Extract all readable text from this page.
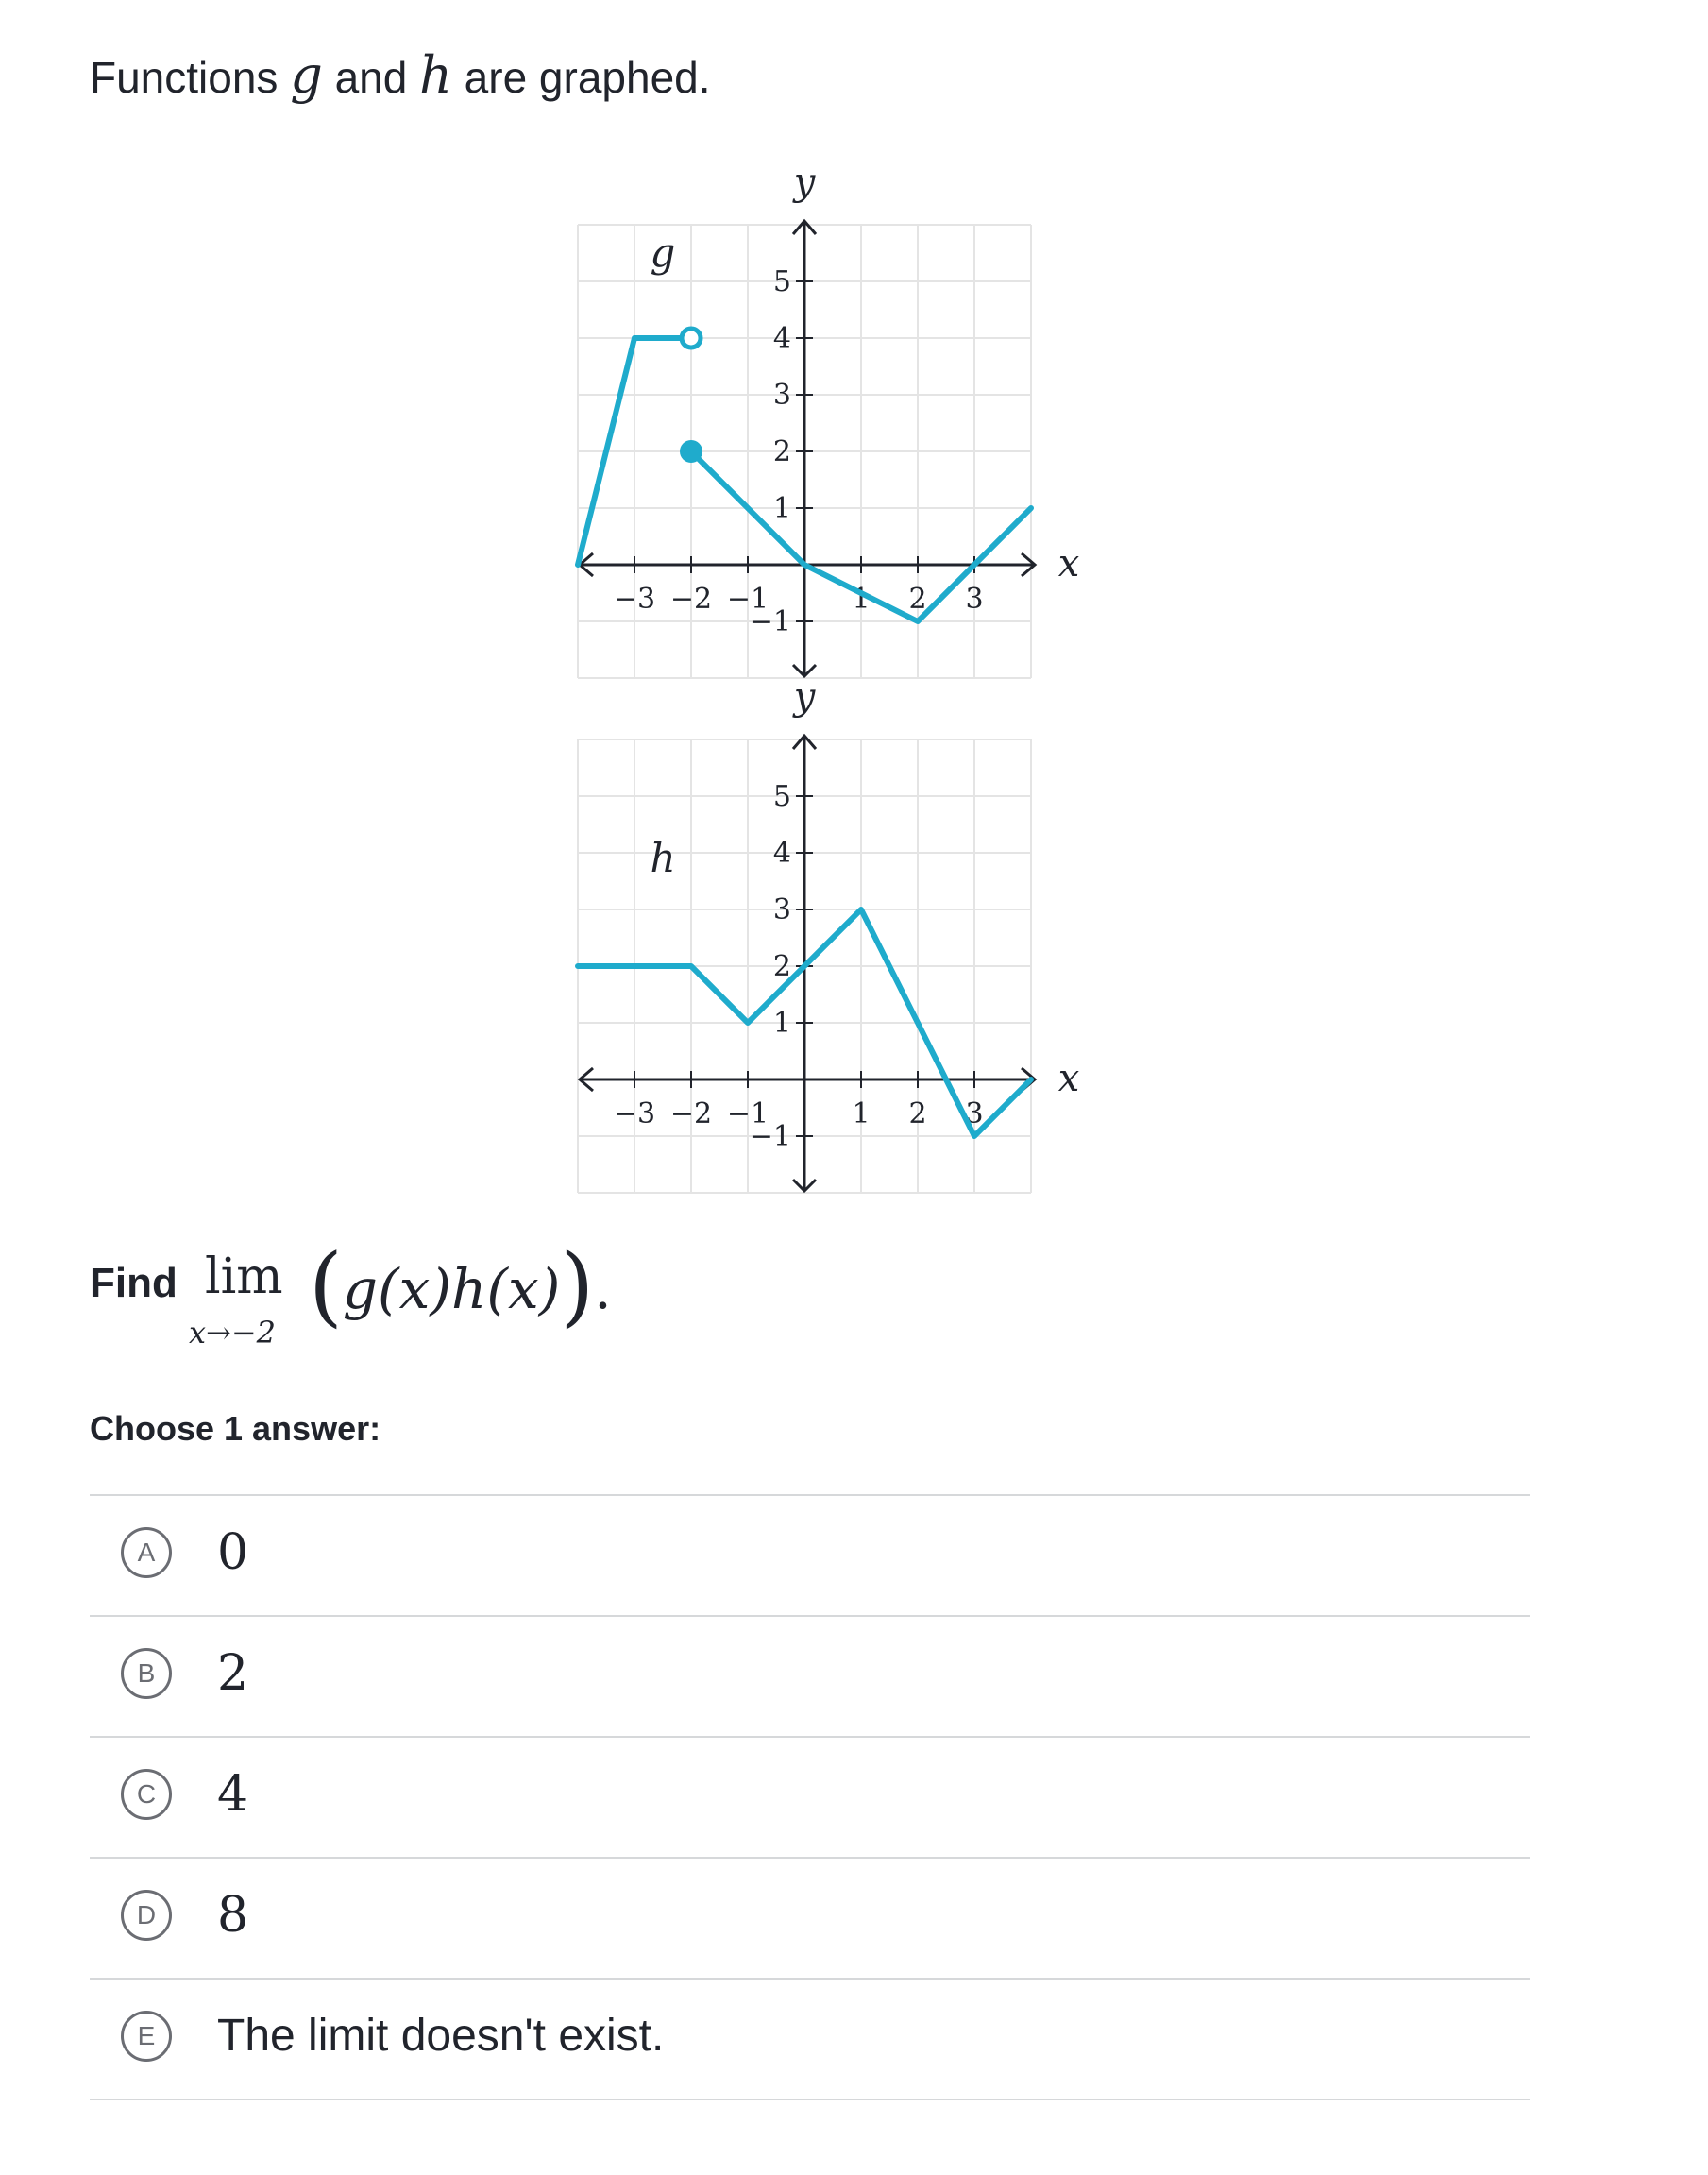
Functions g and h are graphed.
−3 −2 −1	1 2 3
−1
1
2
3
4
5
y
x
g
−3 −2 −1	1 2 3
−1
1
2
3
4
5
y
x
h
Find lim
x→−2 (g(x)h(x)).
Choose 1 answer:
A	0
B	2
C	4
D	8
E	The limit doesn't exist.
